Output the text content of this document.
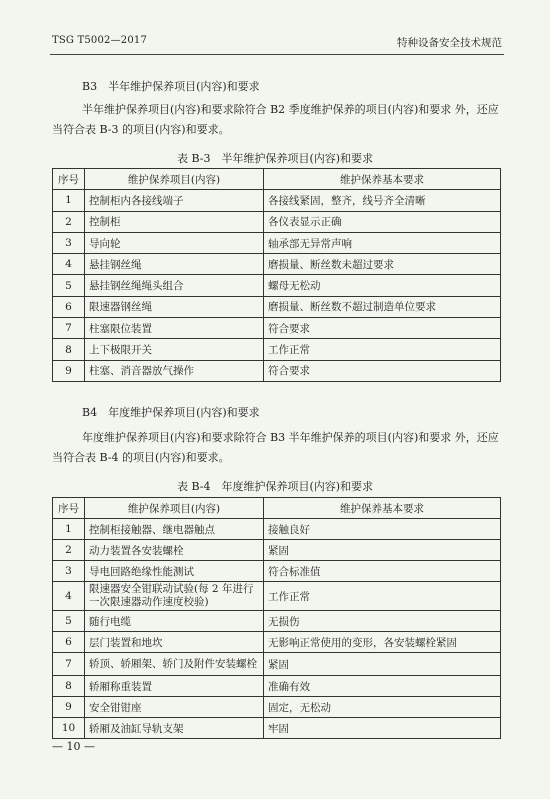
TSG T5002—2017	特种设备安全技术规范
B3　半年维护保养项目(内容)和要求
半年维护保养项目(内容)和要求除符合 B2 季度维护保养的项目(内容)和要求 外，还应当符合表 B-3 的项目(内容)和要求。
表 B-3　半年维护保养项目(内容)和要求
序号	维护保养项目(内容)	维护保养基本要求
1	控制柜内各接线端子	各接线紧固，整齐，线号齐全清晰
2	控制柜	各仪表显示正确
3	导向轮	轴承部无异常声响
4	悬挂钢丝绳	磨损量、断丝数未超过要求
5	悬挂钢丝绳绳头组合	螺母无松动
6	限速器钢丝绳	磨损量、断丝数不超过制造单位要求
7	柱塞限位装置	符合要求
8	上下极限开关	工作正常
9	柱塞、消音器放气操作	符合要求
B4　年度维护保养项目(内容)和要求
年度维护保养项目(内容)和要求除符合 B3 半年维护保养的项目(内容)和要求 外，还应当符合表 B-4 的项目(内容)和要求。
表 B-4　年度维护保养项目(内容)和要求
序号	维护保养项目(内容)	维护保养基本要求
1	控制柜接触器、继电器触点	接触良好
2	动力装置各安装螺栓	紧固
3	导电回路绝缘性能测试	符合标准值
4	限速器安全钳联动试验(每 2 年进行一次限速器动作速度校验)	工作正常
5	随行电缆	无损伤
6	层门装置和地坎	无影响正常使用的变形，各安装螺栓紧固
7	轿顶、轿厢架、轿门及附件安装螺栓	紧固
8	轿厢称重装置	准确有效
9	安全钳钳座	固定，无松动
10	轿厢及油缸导轨支架	牢固
— 10 —
